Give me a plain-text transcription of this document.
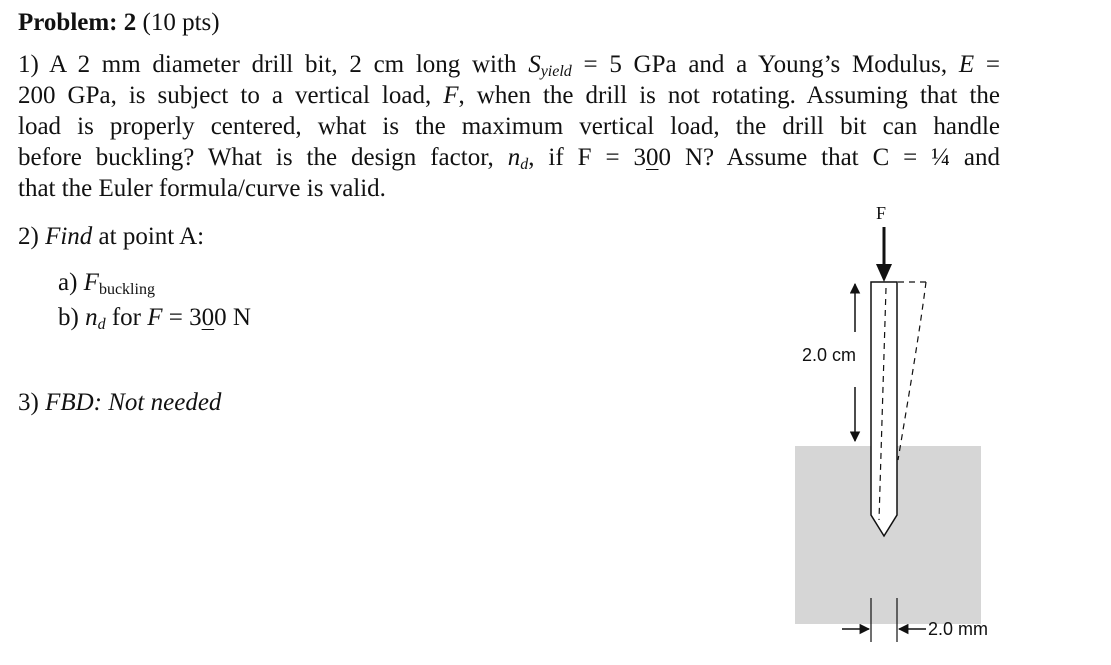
Problem: 2 (10 pts)
1) A 2 mm diameter drill bit, 2 cm long with $S_{yield} = 5$ GPa and a Young’s Modulus, E =
200 GPa, is subject to a vertical load, F, when the drill is not rotating. Assuming that the
load is properly centered, what is the maximum vertical load, the drill bit can handle
before buckling? What is the design factor, $n_d$, if F = 300 N? Assume that C = ¼ and
that the Euler formula/curve is valid.
2) Find at point A:
a) $F_{buckling}$
b) $n_d$ for F = 300 N
3) FBD: Not needed
F
2.0 cm
2.0 mm
